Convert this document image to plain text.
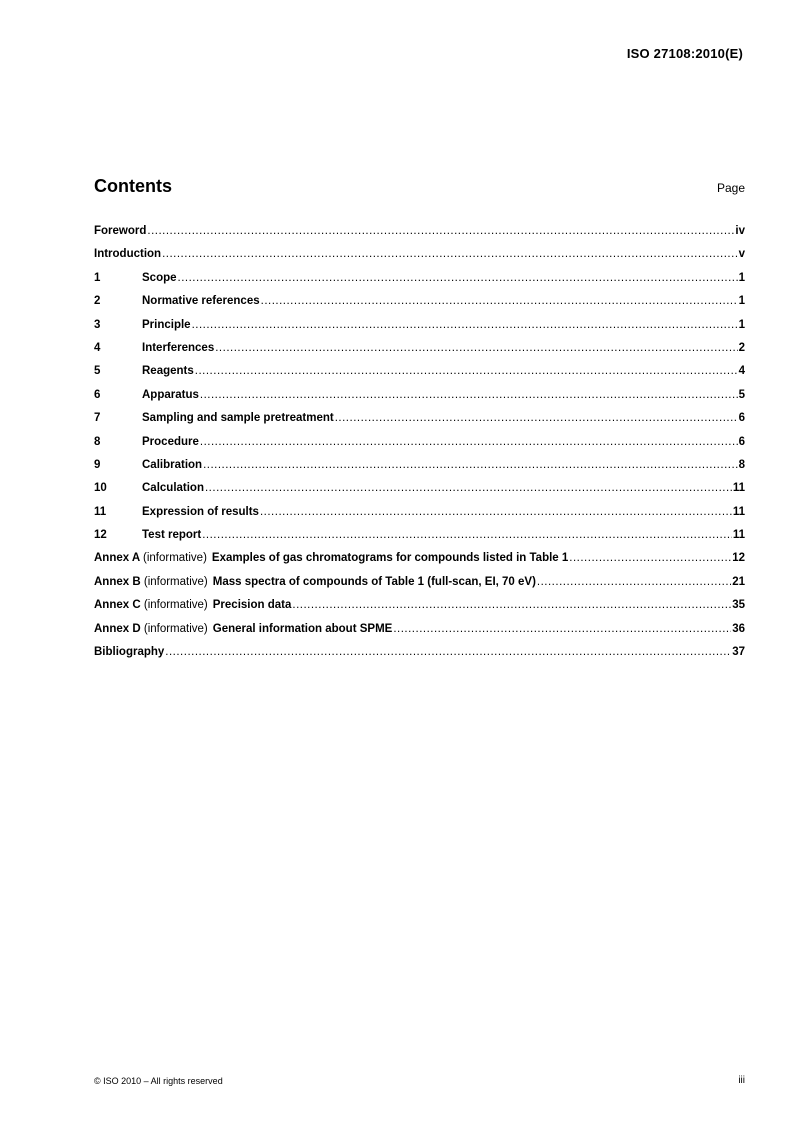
ISO 27108:2010(E)
Contents	Page
Foreword .....	iv
Introduction .....	v
1	Scope .....	1
2	Normative references .....	1
3	Principle .....	1
4	Interferences .....	2
5	Reagents .....	4
6	Apparatus .....	5
7	Sampling and sample pretreatment .....	6
8	Procedure .....	6
9	Calibration .....	8
10	Calculation .....	11
11	Expression of results .....	11
12	Test report .....	11
Annex A (informative) Examples of gas chromatograms for compounds listed in Table 1 .....	12
Annex B (informative) Mass spectra of compounds of Table 1 (full-scan, EI, 70 eV) .....	21
Annex C (informative) Precision data .....	35
Annex D (informative) General information about SPME .....	36
Bibliography .....	37
© ISO 2010 – All rights reserved	iii
